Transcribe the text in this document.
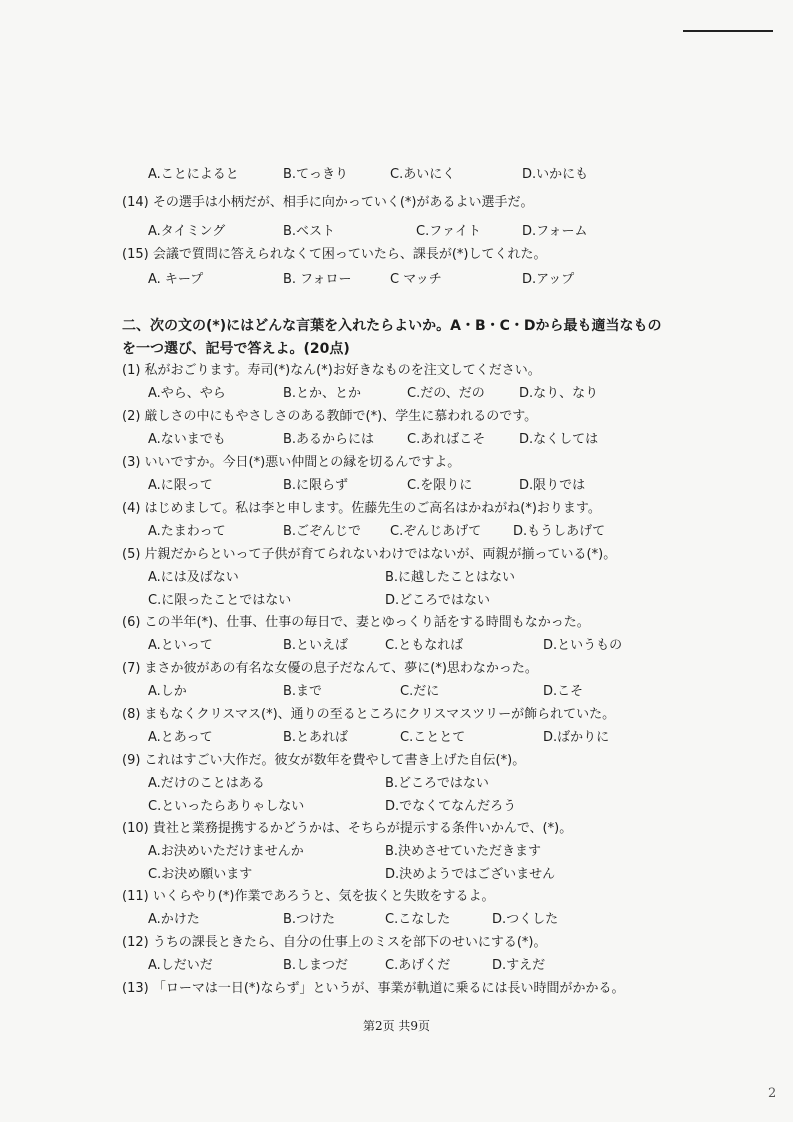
A.ことによると	B.てっきり	C.あいにく	D.いかにも
(14) その選手は小柄だが、相手に向かっていく(*)があるよい選手だ。
A.タイミング	B.ベスト	C.ファイト	D.フォーム
(15) 会議で質問に答えられなくて困っていたら、課長が(*)してくれた。
A. キープ	B. フォロー	C マッチ	D.アップ
二、次の文の(*)にはどんな言葉を入れたらよいか。A・B・C・Dから最も適当なもの
を一つ選び、記号で答えよ。(20点)
(1) 私がおごります。寿司(*)なん(*)お好きなものを注文してください。
A.やら、やら	B.とか、とか	C.だの、だの	D.なり、なり
(2) 厳しさの中にもやさしさのある教師で(*)、学生に慕われるのです。
A.ないまでも	B.あるからには	C.あればこそ	D.なくしては
(3) いいですか。今日(*)悪い仲間との縁を切るんですよ。
A.に限って	B.に限らず	C.を限りに	D.限りでは
(4) はじめまして。私は李と申します。佐藤先生のご高名はかねがね(*)おります。
A.たまわって	B.ごぞんじで C.ぞんじあげて D.もうしあげて
(5) 片親だからといって子供が育てられないわけではないが、両親が揃っている(*)。
A.には及ばない	B.に越したことはない
C.に限ったことではない	D.どころではない
(6) この半年(*)、仕事、仕事の毎日で、妻とゆっくり話をする時間もなかった。
A.といって	B.といえば	C.ともなれば	D.というもの
(7) まさか彼があの有名な女優の息子だなんて、夢に(*)思わなかった。
A.しか	B.まで	C.だに	D.こそ
(8) まもなくクリスマス(*)、通りの至るところにクリスマスツリーが飾られていた。
A.とあって	B.とあれば	C.こととて	D.ばかりに
(9) これはすごい大作だ。彼女が数年を費やして書き上げた自伝(*)。
A.だけのことはある	B.どころではない
C.といったらありゃしない	D.でなくてなんだろう
(10) 貴社と業務提携するかどうかは、そちらが提示する条件いかんで、(*)。
A.お決めいただけませんか	B.決めさせていただきます
C.お決め願います	D.決めようではございません
(11) いくらやり(*)作業であろうと、気を抜くと失敗をするよ。
A.かけた	B.つけた	C.こなした	D.つくした
(12) うちの課長ときたら、自分の仕事上のミスを部下のせいにする(*)。
A.しだいだ	B.しまつだ	C.あげくだ	D.すえだ
(13) 「ローマは一日(*)ならず」というが、事業が軌道に乗るには長い時間がかかる。
第2页 共9页
2
